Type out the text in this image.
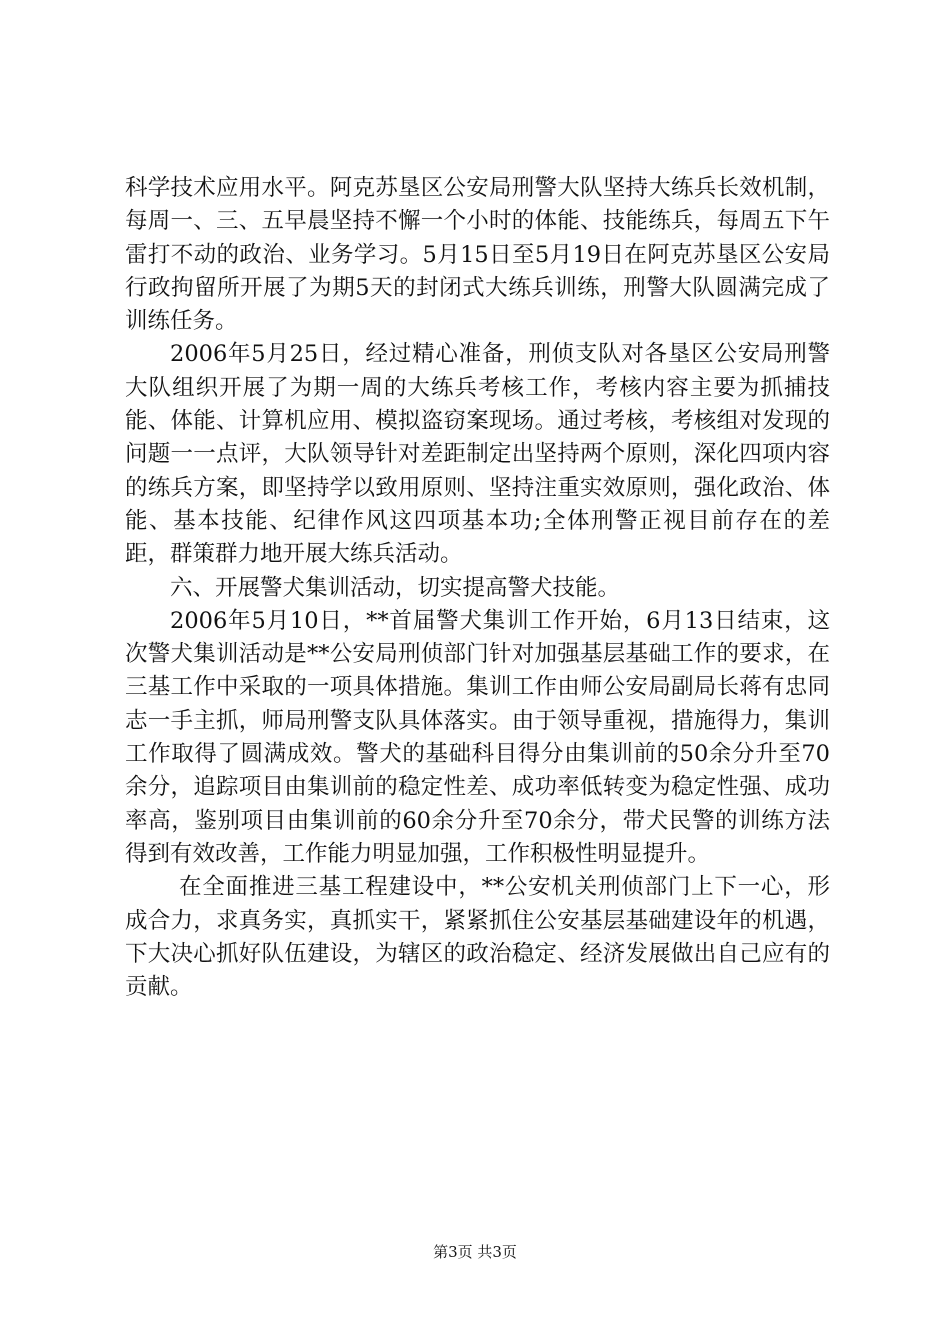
科学技术应用水平。阿克苏垦区公安局刑警大队坚持大练兵长效机制，每周一、三、五早晨坚持不懈一个小时的体能、技能练兵，每周五下午雷打不动的政治、业务学习。5月15日至5月19日在阿克苏垦区公安局行政拘留所开展了为期5天的封闭式大练兵训练，刑警大队圆满完成了训练任务。

2006年5月25日，经过精心准备，刑侦支队对各垦区公安局刑警大队组织开展了为期一周的大练兵考核工作，考核内容主要为抓捕技能、体能、计算机应用、模拟盗窃案现场。通过考核，考核组对发现的问题一一点评，大队领导针对差距制定出坚持两个原则，深化四项内容的练兵方案，即坚持学以致用原则、坚持注重实效原则，强化政治、体能、基本技能、纪律作风这四项基本功;全体刑警正视目前存在的差距，群策群力地开展大练兵活动。

六、开展警犬集训活动，切实提高警犬技能。

2006年5月10日，**首届警犬集训工作开始，6月13日结束，这次警犬集训活动是**公安局刑侦部门针对加强基层基础工作的要求，在三基工作中采取的一项具体措施。集训工作由师公安局副局长蒋有忠同志一手主抓，师局刑警支队具体落实。由于领导重视，措施得力，集训工作取得了圆满成效。警犬的基础科目得分由集训前的50余分升至70余分，追踪项目由集训前的稳定性差、成功率低转变为稳定性强、成功率高，鉴别项目由集训前的60余分升至70余分，带犬民警的训练方法得到有效改善，工作能力明显加强，工作积极性明显提升。

在全面推进三基工程建设中，**公安机关刑侦部门上下一心，形成合力，求真务实，真抓实干，紧紧抓住公安基层基础建设年的机遇，下大决心抓好队伍建设，为辖区的政治稳定、经济发展做出自己应有的贡献。

第3页 共3页
